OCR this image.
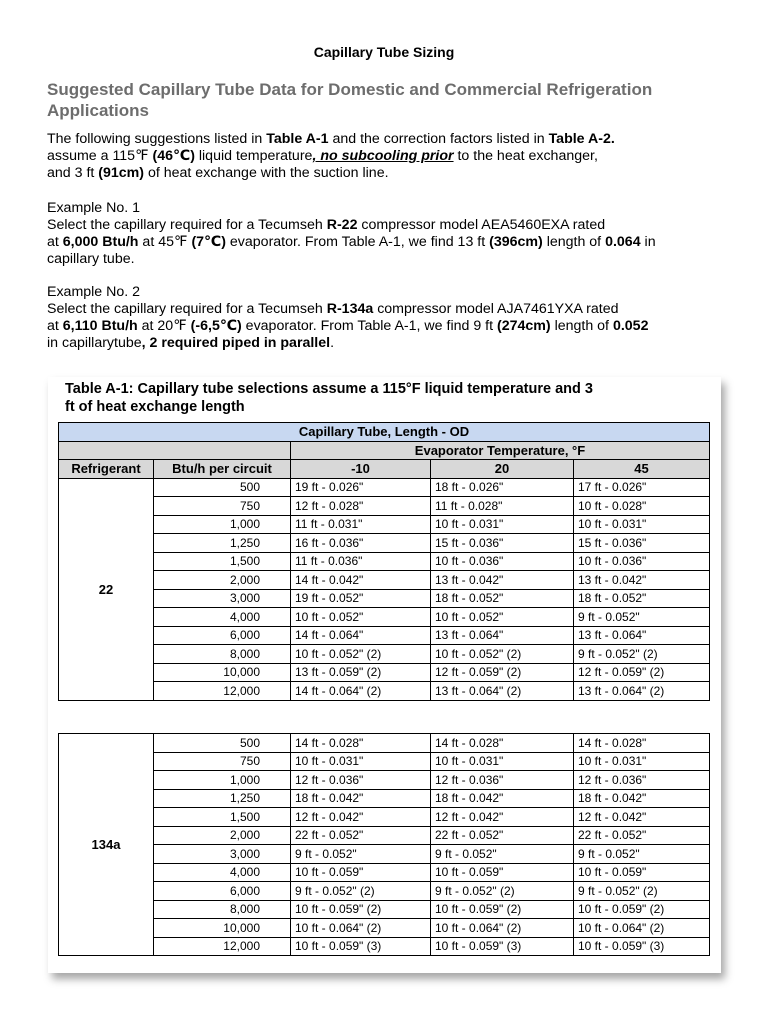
Capillary Tube Sizing
Suggested Capillary Tube Data for Domestic and Commercial Refrigeration Applications
The following suggestions listed in Table A-1 and the correction factors listed in Table A-2.
assume a 115℉ (46℃) liquid temperature, no subcooling prior to the heat exchanger,
and 3 ft (91cm) of heat exchange with the suction line.
Example No. 1
Select the capillary required for a Tecumseh R-22 compressor model AEA5460EXA rated
at 6,000 Btu/h at 45℉ (7℃) evaporator. From Table A-1, we find 13 ft (396cm) length of 0.064 in
capillary tube.
Example No. 2
Select the capillary required for a Tecumseh R-134a compressor model AJA7461YXA rated
at 6,110 Btu/h at 20℉ (-6,5℃) evaporator. From Table A-1, we find 9 ft (274cm) length of 0.052
in capillarytube, 2 required piped in parallel.
Table A-1: Capillary tube selections assume a 115°F liquid temperature and 3
ft of heat exchange length
Capillary Tube, Length - OD				
		Evaporator Temperature, °F		
Refrigerant	Btu/h per circuit	-10	20	45
22	500	19 ft - 0.026"	18 ft - 0.026"	17 ft - 0.026"
	750	12 ft - 0.028"	11 ft - 0.028"	10 ft - 0.028"
	1,000	11 ft - 0.031"	10 ft - 0.031"	10 ft - 0.031"
	1,250	16 ft - 0.036"	15 ft - 0.036"	15 ft - 0.036"
	1,500	11 ft - 0.036"	10 ft - 0.036"	10 ft - 0.036"
	2,000	14 ft - 0.042"	13 ft - 0.042"	13 ft - 0.042"
	3,000	19 ft - 0.052"	18 ft - 0.052"	18 ft - 0.052"
	4,000	10 ft - 0.052"	10 ft - 0.052"	9 ft - 0.052"
	6,000	14 ft - 0.064"	13 ft - 0.064"	13 ft - 0.064"
	8,000	10 ft - 0.052" (2)	10 ft - 0.052" (2)	9 ft - 0.052" (2)
	10,000	13 ft - 0.059" (2)	12 ft - 0.059" (2)	12 ft - 0.059" (2)
	12,000	14 ft - 0.064" (2)	13 ft - 0.064" (2)	13 ft - 0.064" (2)
134a	500	14 ft - 0.028"	14 ft - 0.028"	14 ft - 0.028"
	750	10 ft - 0.031"	10 ft - 0.031"	10 ft - 0.031"
	1,000	12 ft - 0.036"	12 ft - 0.036"	12 ft - 0.036"
	1,250	18 ft - 0.042"	18 ft - 0.042"	18 ft - 0.042"
	1,500	12 ft - 0.042"	12 ft - 0.042"	12 ft - 0.042"
	2,000	22 ft - 0.052"	22 ft - 0.052"	22 ft - 0.052"
	3,000	9 ft - 0.052"	9 ft - 0.052"	9 ft - 0.052"
	4,000	10 ft - 0.059"	10 ft - 0.059"	10 ft - 0.059"
	6,000	9 ft - 0.052" (2)	9 ft - 0.052" (2)	9 ft - 0.052" (2)
	8,000	10 ft - 0.059" (2)	10 ft - 0.059" (2)	10 ft - 0.059" (2)
	10,000	10 ft - 0.064" (2)	10 ft - 0.064" (2)	10 ft - 0.064" (2)
	12,000	10 ft - 0.059" (3)	10 ft - 0.059" (3)	10 ft - 0.059" (3)
